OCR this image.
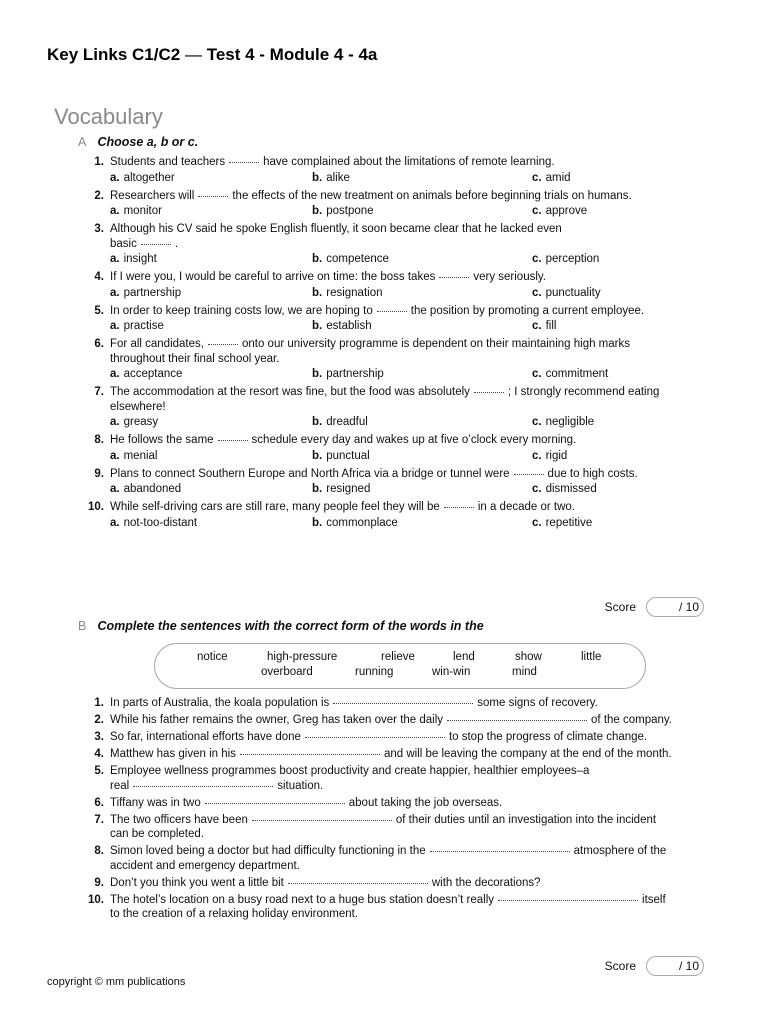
Key Links C1/C2 — Test 4 - Module 4 - 4a
Vocabulary
A Choose a, b or c.
1. Students and teachers	have complained about the limitations of remote learning.
a. altogether	b. alike	c. amid
2. Researchers will	the effects of the new treatment on animals before beginning trials on humans.
a. monitor	b. postpone	c. approve
3. Although his CV said he spoke English fluently, it soon became clear that he lacked even
basic	.
a. insight	b. competence	c. perception
4. If I were you, I would be careful to arrive on time: the boss takes	very seriously.
a. partnership	b. resignation	c. punctuality
5. In order to keep training costs low, we are hoping to	the position by promoting a current employee.
a. practise	b. establish	c. fill
6. For all candidates,	onto our university programme is dependent on their maintaining high marks
throughout their final school year.
a. acceptance	b. partnership	c. commitment
7. The accommodation at the resort was fine, but the food was absolutely	; I strongly recommend eating
elsewhere!
a. greasy	b. dreadful	c. negligible
8. He follows the same	schedule every day and wakes up at five o’clock every morning.
a. menial	b. punctual	c. rigid
9. Plans to connect Southern Europe and North Africa via a bridge or tunnel were	due to high costs.
a. abandoned	b. resigned	c. dismissed
10. While self-driving cars are still rare, many people feel they will be	in a decade or two.
a. not-too-distant	b. commonplace	c. repetitive
Score	/ 10
B Complete the sentences with the correct form of the words in the
notice	high-pressure	relieve	lend	show	little
overboard	running	win-win	mind
1. In parts of Australia, the koala population is	some signs of recovery.
2. While his father remains the owner, Greg has taken over the daily	of the company.
3. So far, international efforts have done	to stop the progress of climate change.
4. Matthew has given in his	and will be leaving the company at the end of the month.
5. Employee wellness programmes boost productivity and create happier, healthier employees–a
real	situation.
6. Tiffany was in two	about taking the job overseas.
7. The two officers have been	of their duties until an investigation into the incident
can be completed.
8. Simon loved being a doctor but had difficulty functioning in the	atmosphere of the
accident and emergency department.
9. Don’t you think you went a little bit	with the decorations?
10. The hotel’s location on a busy road next to a huge bus station doesn’t really	itself
to the creation of a relaxing holiday environment.
Score	/ 10
copyright © mm publications
